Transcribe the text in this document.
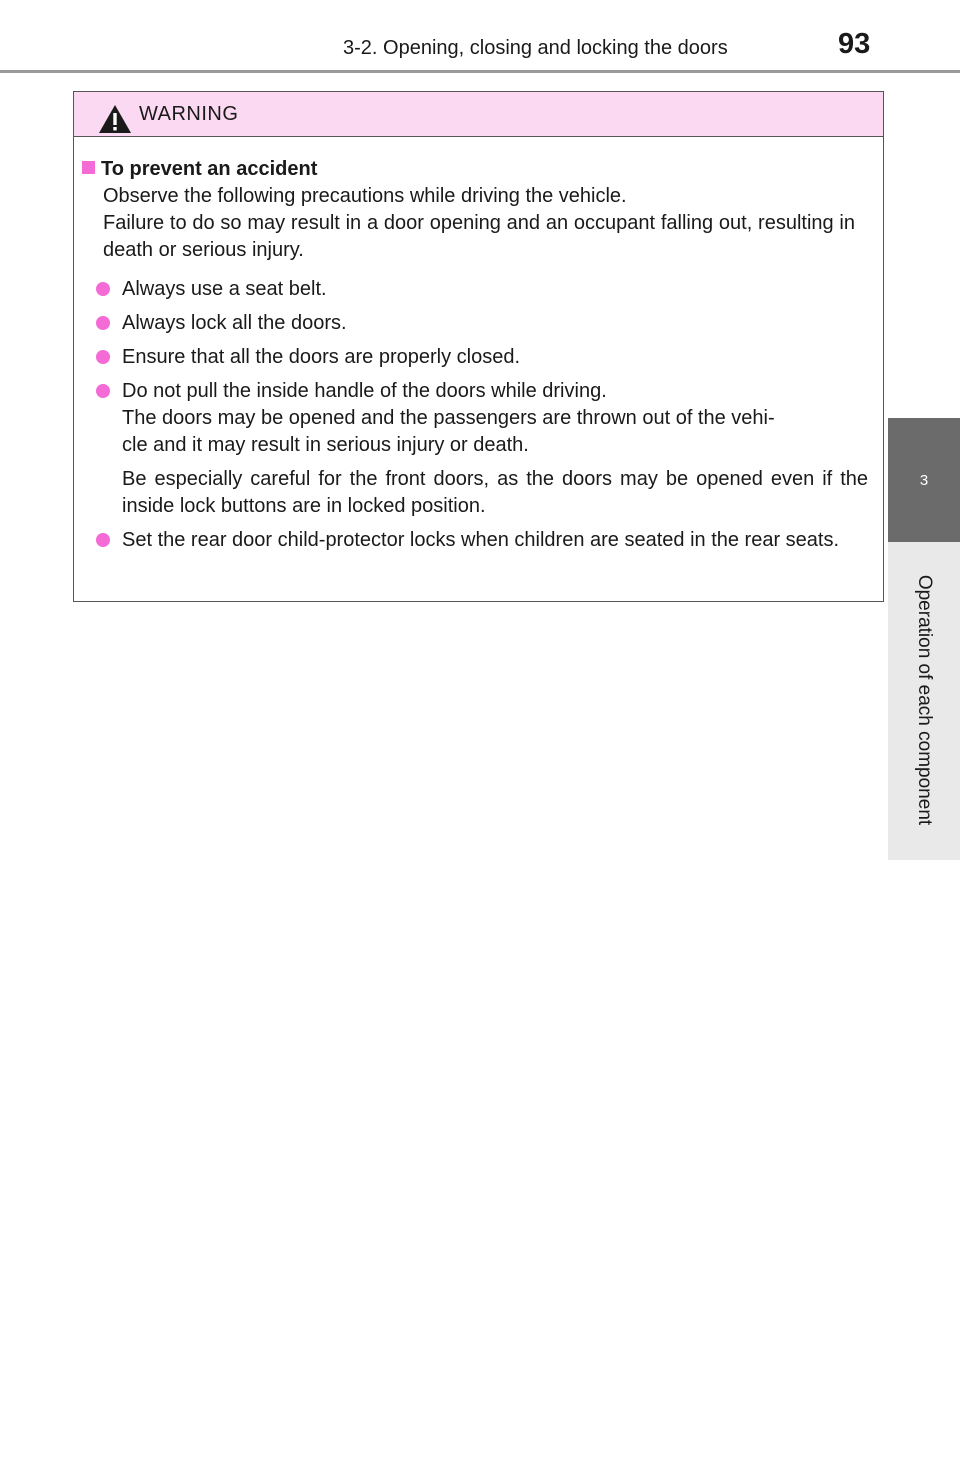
3-2. Opening, closing and locking the doors	93
3
Operation of each component
WARNING
To prevent an accident
Observe the following precautions while driving the vehicle.
Failure to do so may result in a door opening and an occupant falling out, resulting in death or serious injury.
Always use a seat belt.
Always lock all the doors.
Ensure that all the doors are properly closed.
Do not pull the inside handle of the doors while driving.
The doors may be opened and the passengers are thrown out of the vehi-
cle and it may result in serious injury or death.
Be especially careful for the front doors, as the doors may be opened even if the inside lock buttons are in locked position.
Set the rear door child-protector locks when children are seated in the rear seats.
